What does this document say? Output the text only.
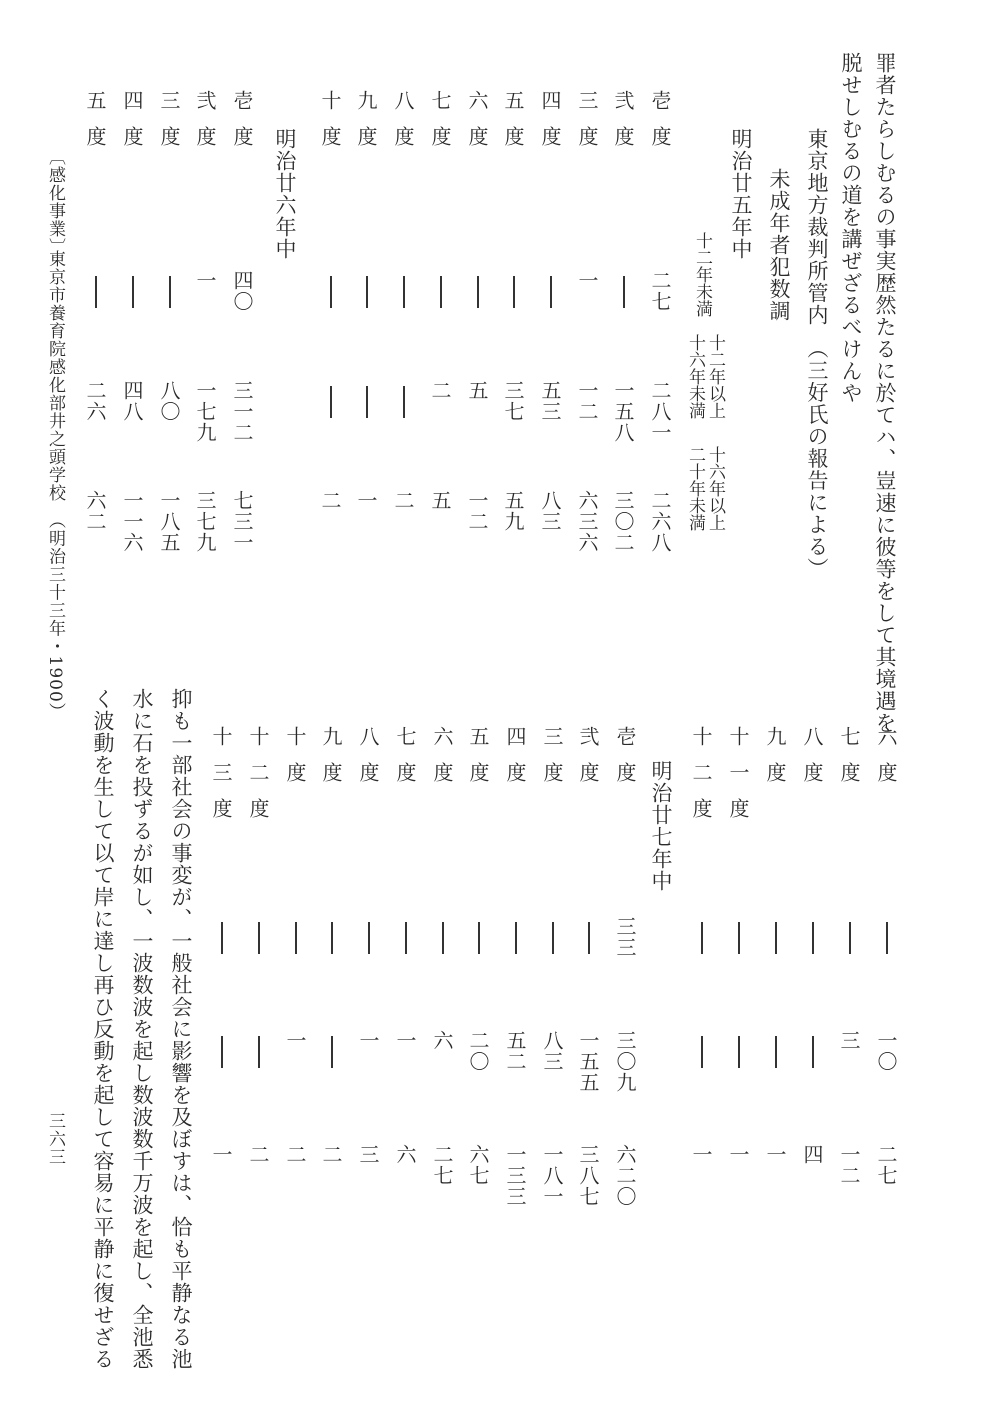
罪者たらしむるの事実歴然たるに於てハ、豈速に彼等をして其境遇を
脱せしむるの道を講ぜざるべけんや
東京地方裁判所管内　（三好氏の報告による）
未成年者犯数調
十二年未満
十二年以上
十六年未満
十六年以上
二十年未満
明治廿五年中
明治廿六年中
明治廿七年中
壱度
二七
二八一
二六八
弐度
一五八
三〇二
三度
一
一二
六三六
四度
五三
八三
五度
三七
五九
六度
五
一二
七度
二
五
八度
二
九度
一
十度
二
壱度
四〇
三一二
七三一
弐度
一
一七九
三七九
三度
八〇
一八五
四度
四八
一一六
五度
二六
六二
六度
一〇
二七
七度
三
一二
八度
四
九度
一
十一度
一
十二度
一
壱度
三三
三〇九
六二〇
弐度
一五五
三八七
三度
八三
一八一
四度
五二
一三三
五度
二〇
六七
六度
六
二七
七度
一
六
八度
一
三
九度
二
十度
一
二
十二度
二
十三度
一
抑も一部社会の事変が、一般社会に影響を及ぼすは、恰も平静なる池
水に石を投ずるが如し、一波数波を起し数波数千万波を起し、全池悉
く波動を生して以て岸に達し再ひ反動を起して容易に平静に復せざる
〔感化事業〕
東京市養育院感化部井之頭学校　（明治三十三年・1900）
三六三
